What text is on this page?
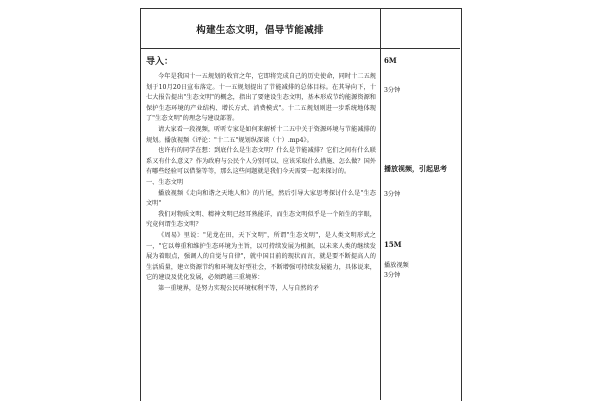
构建生态文明，倡导节能减排
导入：

今年是我国十一五规划的收官之年，它即将完成自己的历史使命，同时十二五规划于10月20日宣布落定。十一五规划提出了节能减排的总体目标。在其导向下，十七大报告提出"生态文明"的概念，指出了要建设生态文明，基本形成节约能源资源和保护生态环境的产业结构、增长方式、消费模式"。十二五规划则进一步系统地体现了"生态文明"的理念与建设部署。

请大家看一段视频，听听专家是如何来解析十二五中关于资源环境与节能减排的规划。播放视频《评论："十二五"规划纵深谈（十）.mp4》。

也许有的同学在想：到底什么是生态文明？什么是节能减排？它们之间有什么联系又有什么意义？作为政府与公民个人分别可以、应该采取什么措施、怎么做？国外有哪些经验可以借鉴等等，那么这些问题就是我们今天需要一起来探讨的。

一、生态文明

播放视频《走向和谐之天地人和》的片尾，然后引导大家思考探讨什么是"生态文明"

我们对物质文明、精神文明已经耳熟能详，而生态文明似乎是一个陌生的字眼，究竟何谓生态文明？

《周易》里说："见龙在田，天下文明"，所谓"生态文明"，是人类文明形式之一，"它以尊重和维护生态环境为主旨，以可持续发展为根据，以未来人类的继续发展为着眼点，强调人的自觉与自律"，就中国目前的现状而言，就是要不断提高人的生活质量，建立资源节约和环境友好型社会，不断增强可持续发展能力，具体说来，它的建设及优化发展，必须跨越三重境界：

第一重境界，是努力实现公民环境权利平等，人与自然的矛

6M
3分钟
播放视频，引起思考
3分钟
15M
播放视频
3分钟
